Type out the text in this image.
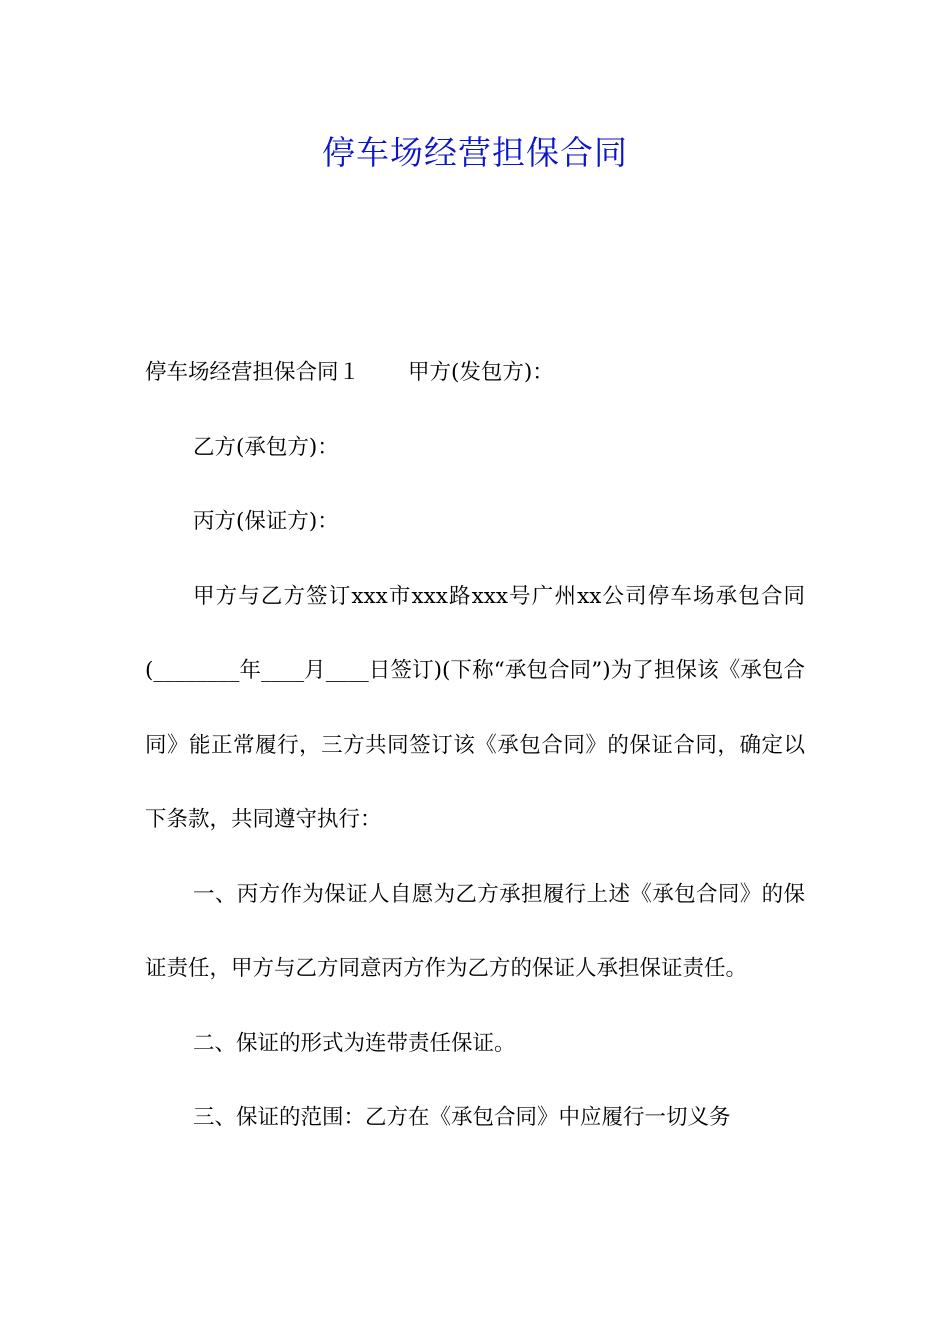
停车场经营担保合同

停车场经营担保合同１ 甲方(发包方)：

乙方(承包方)：

丙方(保证方)：

甲方与乙方签订xxx市xxx路xxx号广州xx公司停车场承包合同(________年____月____日签订)(下称“承包合同”)为了担保该《承包合同》能正常履行，三方共同签订该《承包合同》的保证合同，确定以下条款，共同遵守执行：

一、丙方作为保证人自愿为乙方承担履行上述《承包合同》的保证责任，甲方与乙方同意丙方作为乙方的保证人承担保证责任。

二、保证的形式为连带责任保证。

三、保证的范围：乙方在《承包合同》中应履行一切义务
